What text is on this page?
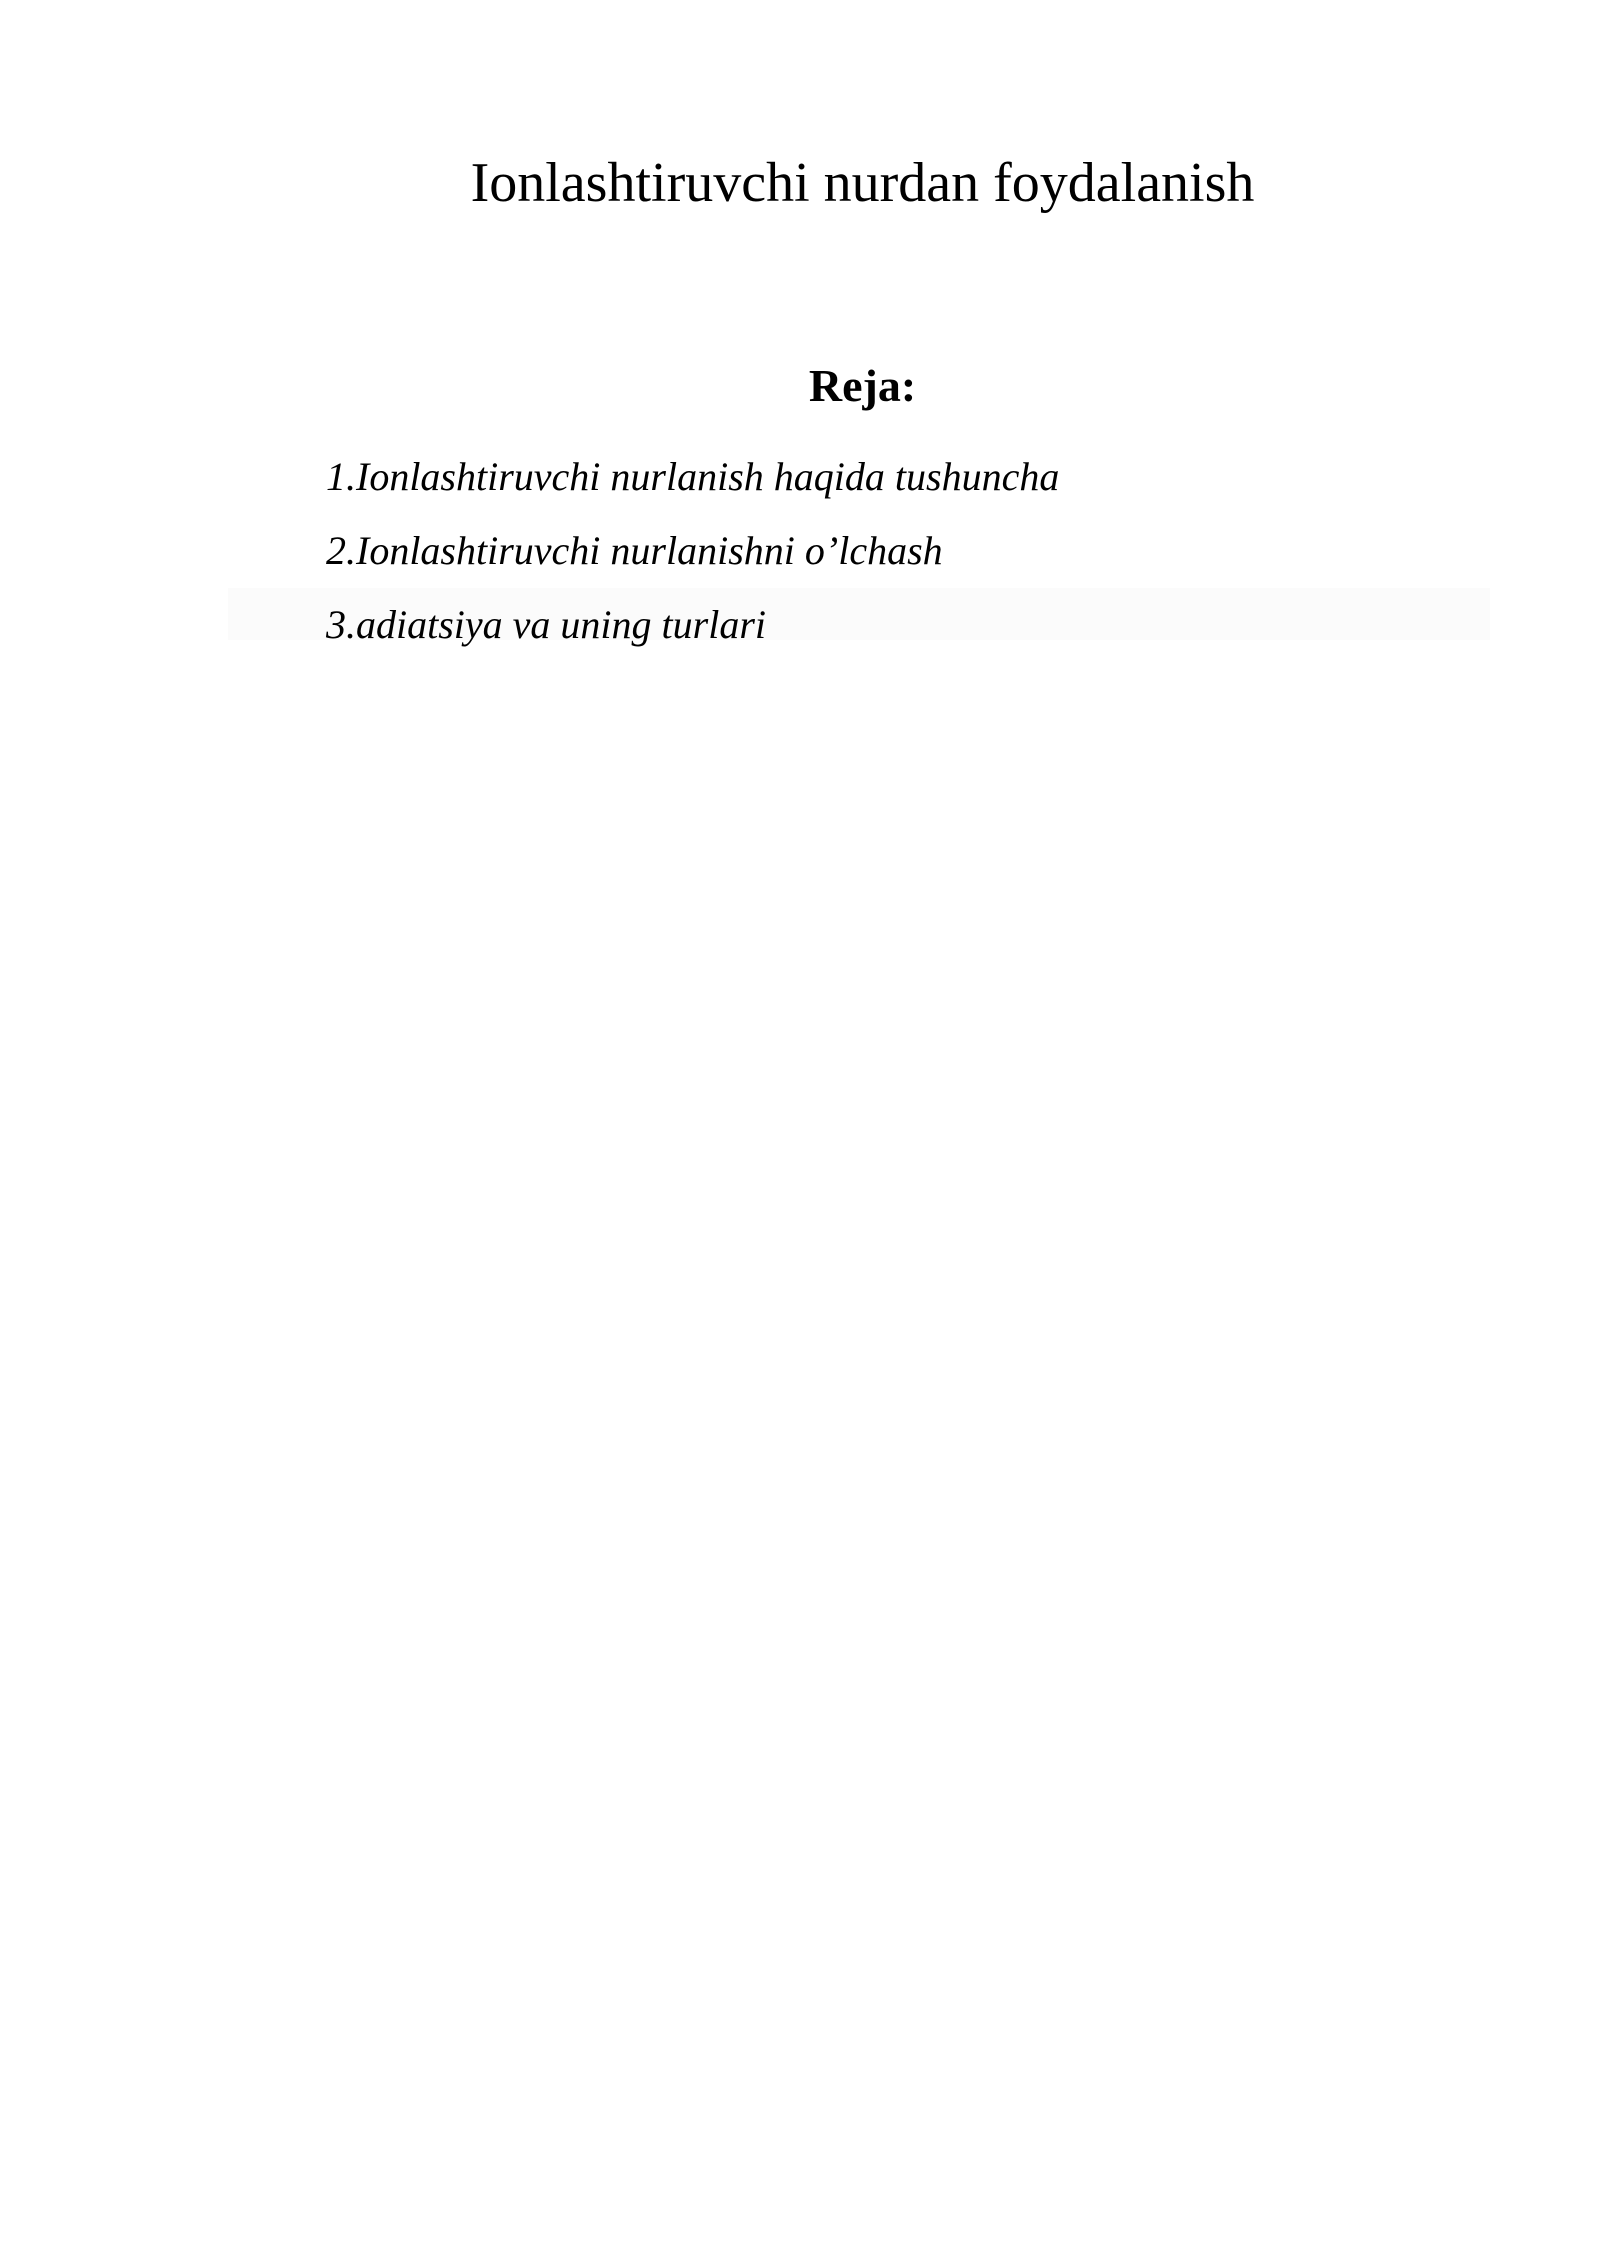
Ionlashtiruvchi nurdan foydalanish
Reja:
1.Ionlashtiruvchi nurlanish haqida tushuncha
2.Ionlashtiruvchi nurlanishni o’lchash
3.adiatsiya va uning turlari
